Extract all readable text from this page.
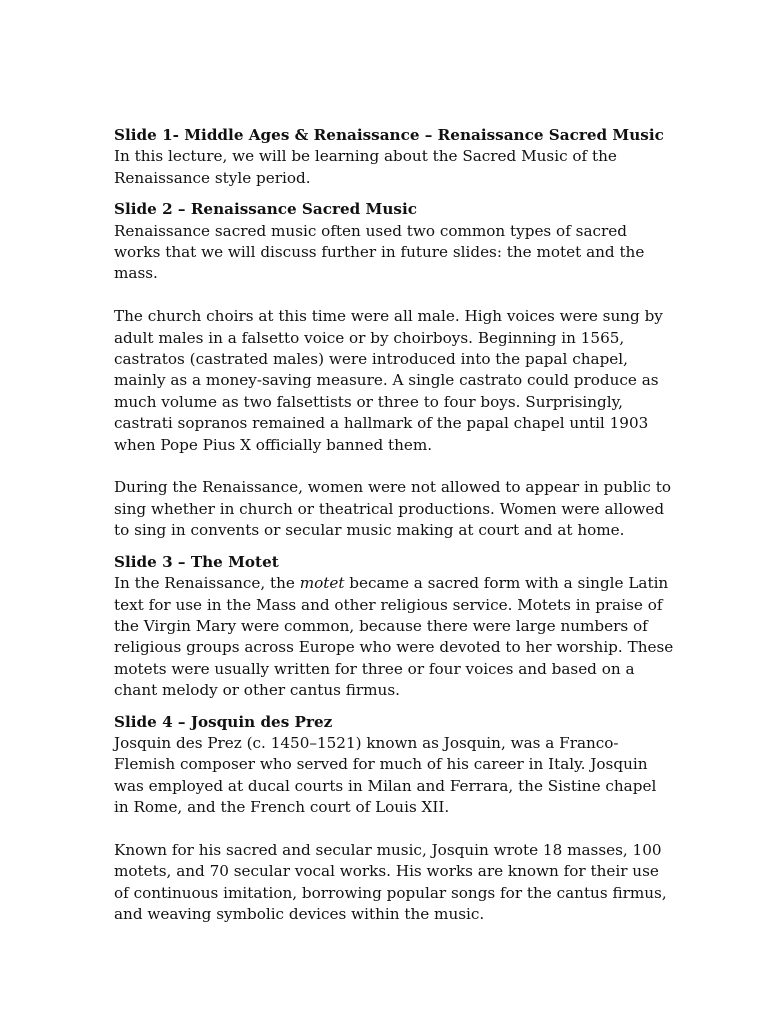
Slide 1- Middle Ages & Renaissance – Renaissance Sacred Music

In this lecture, we will be learning about the Sacred Music of the Renaissance style period.

Slide 2 – Renaissance Sacred Music

Renaissance sacred music often used two common types of sacred works that we will discuss further in future slides: the motet and the mass.

The church choirs at this time were all male. High voices were sung by adult males in a falsetto voice or by choirboys. Beginning in 1565, castratos (castrated males) were introduced into the papal chapel, mainly as a money-saving measure. A single castrato could produce as much volume as two falsettists or three to four boys. Surprisingly, castrati sopranos remained a hallmark of the papal chapel until 1903 when Pope Pius X officially banned them.

During the Renaissance, women were not allowed to appear in public to sing whether in church or theatrical productions. Women were allowed to sing in convents or secular music making at court and at home.

Slide 3 – The Motet

In the Renaissance, the motet became a sacred form with a single Latin text for use in the Mass and other religious service. Motets in praise of the Virgin Mary were common, because there were large numbers of religious groups across Europe who were devoted to her worship. These motets were usually written for three or four voices and based on a chant melody or other cantus firmus.

Slide 4 – Josquin des Prez

Josquin des Prez (c. 1450–1521) known as Josquin, was a Franco-Flemish composer who served for much of his career in Italy. Josquin was employed at ducal courts in Milan and Ferrara, the Sistine chapel in Rome, and the French court of Louis XII.

Known for his sacred and secular music, Josquin wrote 18 masses, 100 motets, and 70 secular vocal works. His works are known for their use of continuous imitation, borrowing popular songs for the cantus firmus, and weaving symbolic devices within the music.
